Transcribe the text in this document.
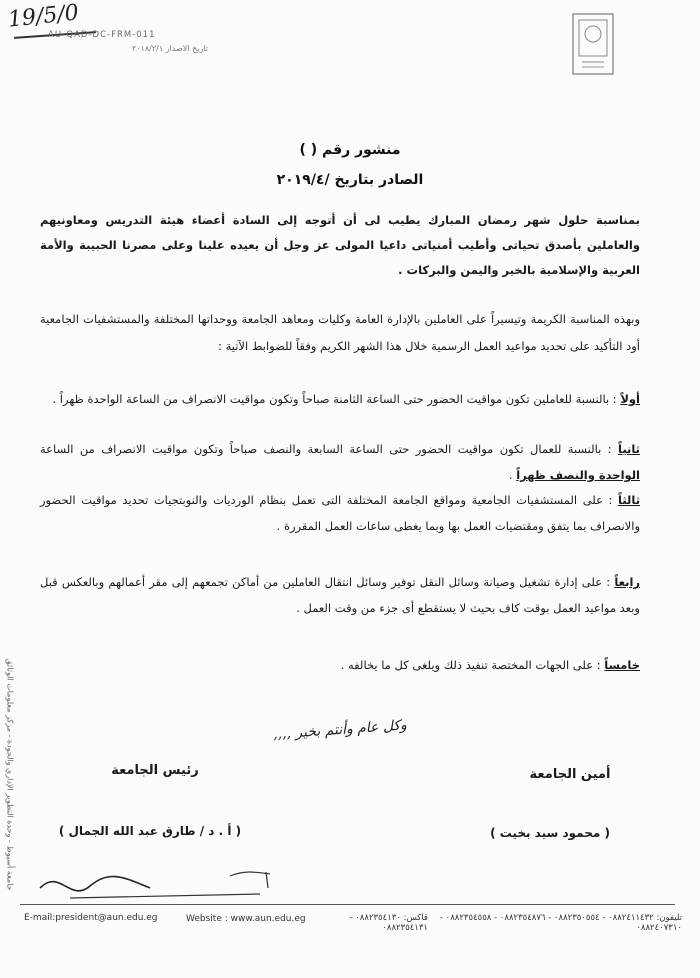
19/5/0
AU-QAD-DC-FRM-011
تاريخ الاصدار ٢٠١٨/٢/١
منشور رقم ( )
الصادر بتاريخ /٢٠١٩/٤
بمناسبة حلول شهر رمضان المبارك يطيب لى أن أتوجه إلى السادة أعضاء هيئة التدريس ومعاونيهم والعاملين بأصدق تحياتى وأطيب أمنياتى داعيا المولى عز وجل أن يعيده علينا وعلى مصرنا الحبيبة والأمة العربية والإسلامية بالخير واليمن والبركات .
وبهذه المناسبة الكريمة وتيسيراً على العاملين بالإدارة العامة وكليات ومعاهد الجامعة ووحداتها المختلفة والمستشفيات الجامعية أود التأكيد على تحديد مواعيد العمل الرسمية خلال هذا الشهر الكريم وفقاً للضوابط الآتية :
أولاً : بالنسبة للعاملين تكون مواقيت الحضور حتى الساعة الثامنة صباحاً وتكون مواقيت الانصراف من الساعة الواحدة ظهراً .
ثانياً : بالنسبة للعمال تكون مواقيت الحضور حتى الساعة السابعة والنصف صباحاً وتكون مواقيت الانصراف من الساعة الواحدة والنصف ظهراً .
ثالثاً : على المستشفيات الجامعية ومواقع الجامعة المختلفة التى تعمل بنظام الورديات والنوبتجيات تحديد مواقيت الحضور والانصراف بما يتفق ومقتضيات العمل بها وبما يغطى ساعات العمل المقررة .
رابعاً : على إدارة تشغيل وصيانة وسائل النقل توفير وسائل انتقال العاملين من أماكن تجمعهم إلى مقر أعمالهم وبالعكس قبل وبعد مواعيد العمل بوقت كاف بحيث لا يستقطع أى جزء من وقت العمل .
خامساً : على الجهات المختصة تنفيذ ذلك ويلغى كل ما يخالفه .
وكل عام وأنتم بخير ,,,,
أمين الجامعة
رئيس الجامعة
( محمود سيد بخيت )
( أ . د / طارق عبد الله الجمال )
جامعة أسيوط - وحدة التطوير الإداري والجودة - مركز معلومات الوثائق
E-mail:president@aun.edu.eg	Website : www.aun.edu.eg	فاكس: ٠٨٨٢٣٥٤١٣٠ - ٠٨٨٢٣٥٤١٣١
تليفون: ٠٨٨٢٤١١٤٣٢ - ٠٨٨٢٣٥٠٥٥٤ - ٠٨٨٢٣٥٤٨٧٦ - ٠٨٨٢٣٥٤٥٥٨ - ٠٨٨٢٤٠٧٣١٠
